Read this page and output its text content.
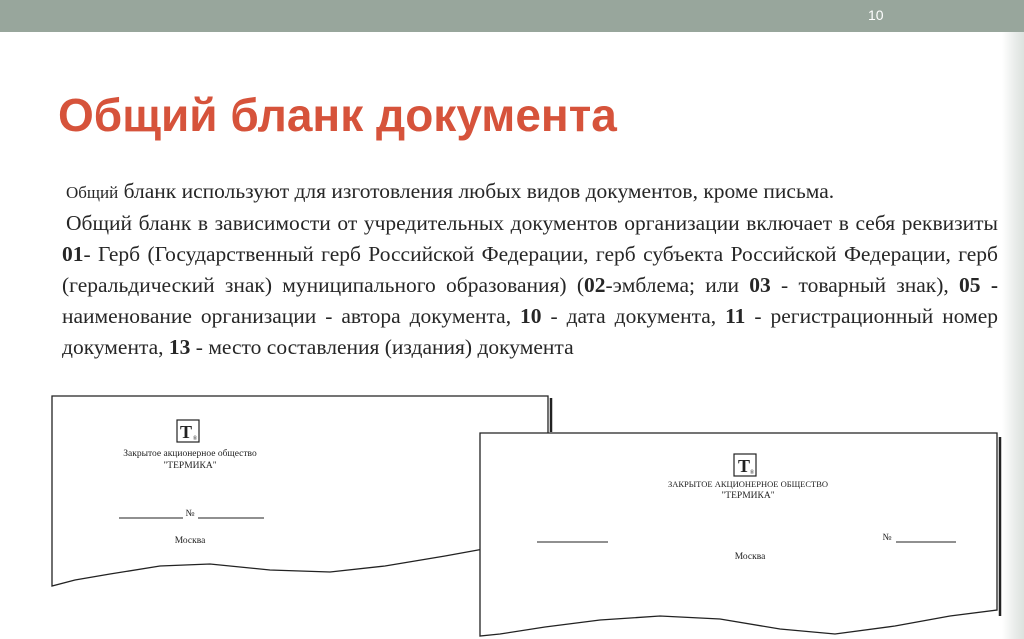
10
Общий бланк документа

Общий бланк используют для изготовления любых видов документов, кроме письма.

Общий бланк в зависимости от учредительных документов организации включает в себя реквизиты 01- Герб (Государственный герб Российской Федерации, герб субъекта Российской Федерации, герб (геральдический знак) муниципального образования) (02-эмблема; или 03 - товарный знак), 05 - наименование организации - автора документа, 10 - дата документа, 11 - регистрационный номер документа, 13 - место составления (издания) документа

T ®
Закрытое акционерное общество
"ТЕРМИКА"
№
Москва
T ®
ЗАКРЫТОЕ АКЦИОНЕРНОЕ ОБЩЕСТВО
"ТЕРМИКА"
№
Москва
